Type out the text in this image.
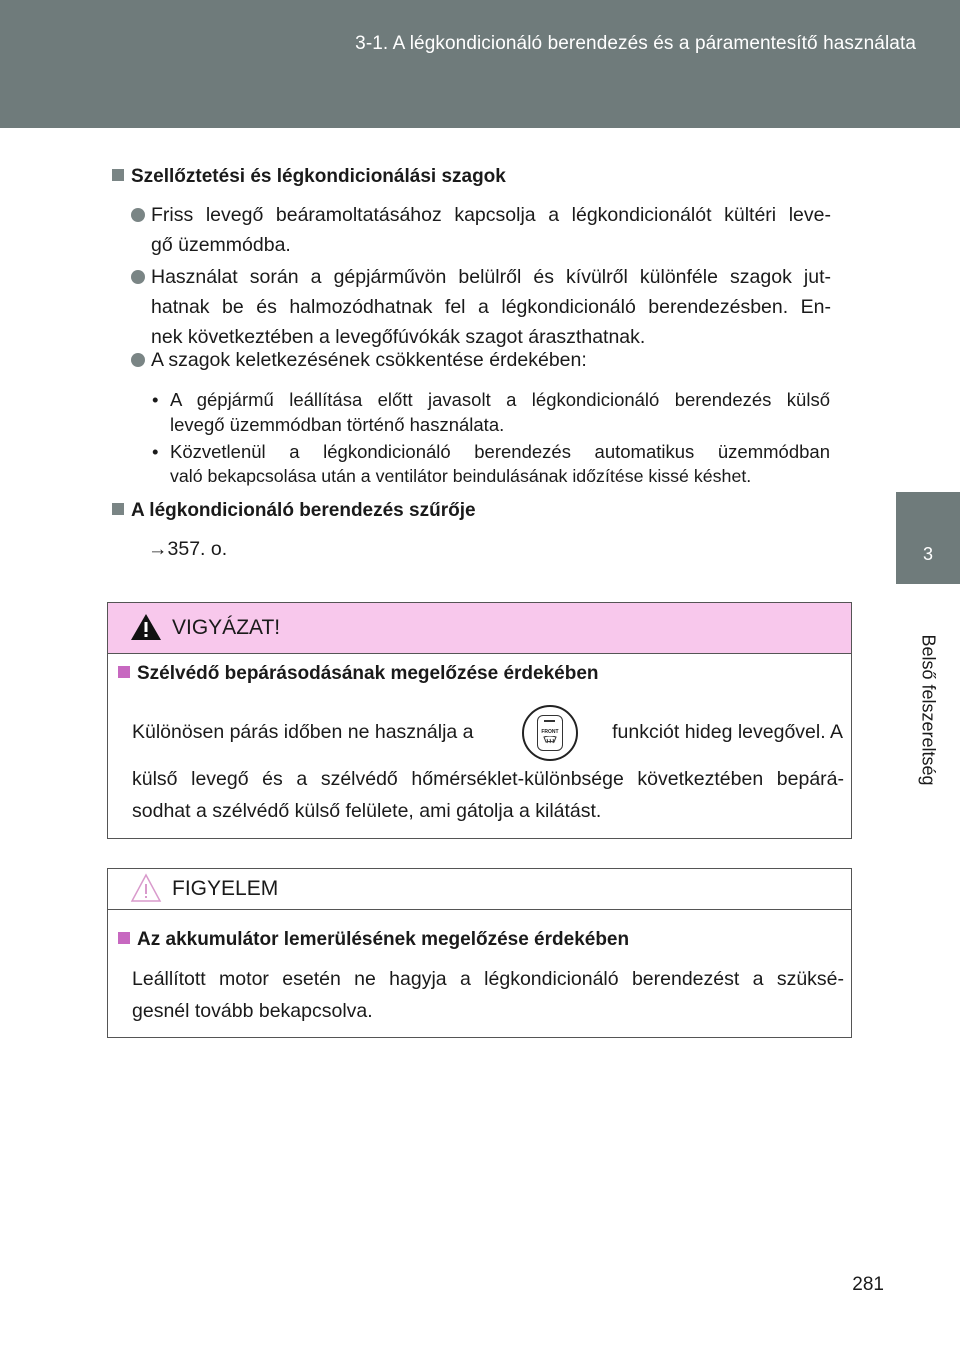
3-1. A légkondicionáló berendezés és a páramentesítő használata
3
Belső felszereltség
Szellőztetési és légkondicionálási szagok
Friss levegő beáramoltatásához kapcsolja a légkondicionálót kültéri leve-
gő üzemmódba.
Használat során a gépjárművön belülről és kívülről különféle szagok jut-
hatnak be és halmozódhatnak fel a légkondicionáló berendezésben. En-
nek következtében a levegőfúvókák szagot áraszthatnak.
A szagok keletkezésének csökkentése érdekében:
• A gépjármű leállítása előtt javasolt a légkondicionáló berendezés külső
levegő üzemmódban történő használata.
• Közvetlenül a légkondicionáló berendezés automatikus üzemmódban
való bekapcsolása után a ventilátor beindulásának időzítése kissé késhet.
A légkondicionáló berendezés szűrője
→357. o.
VIGYÁZAT!
Szélvédő bepárásodásának megelőzése érdekében
Különösen párás időben ne használja a	FRONT	funkciót hideg levegővel. A
külső levegő és a szélvédő hőmérséklet-különbsége következtében bepárá-
sodhat a szélvédő külső felülete, ami gátolja a kilátást.
FIGYELEM
Az akkumulátor lemerülésének megelőzése érdekében
Leállított motor esetén ne hagyja a légkondicionáló berendezést a szüksé-
gesnél tovább bekapcsolva.
281
